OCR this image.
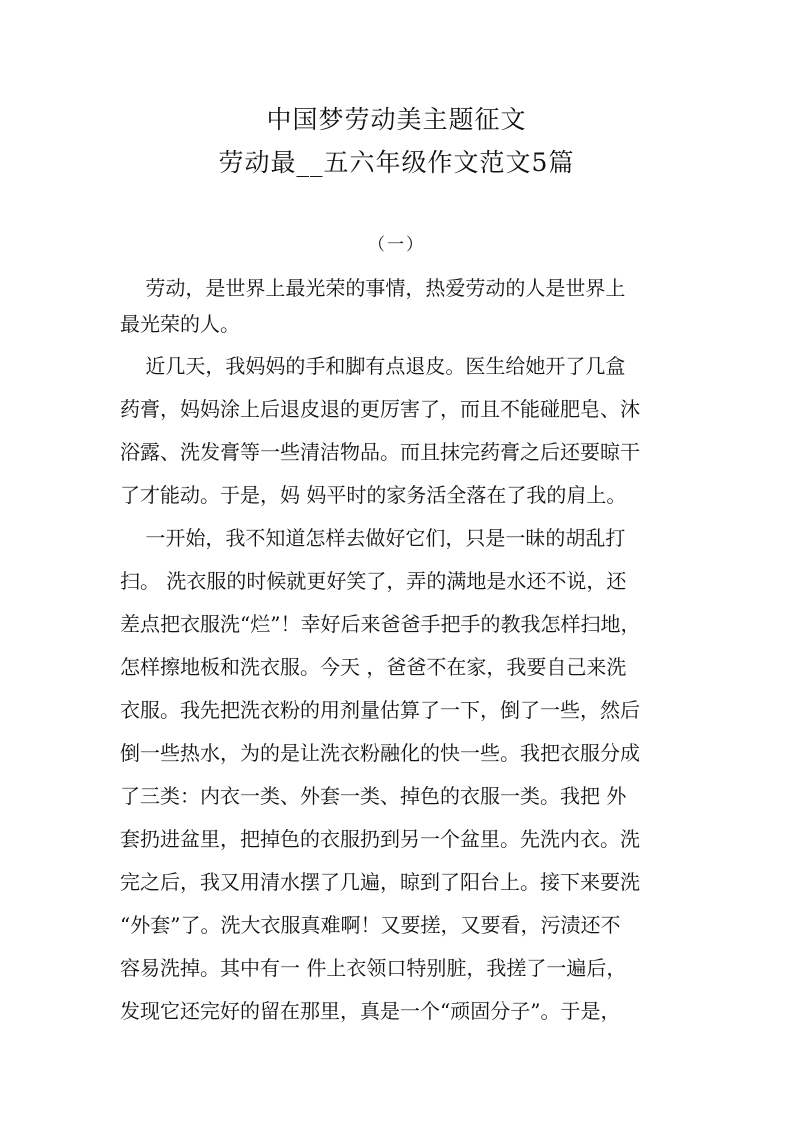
中国梦劳动美主题征文
劳动最__五六年级作文范文5篇
（一）
劳动，是世界上最光荣的事情，热爱劳动的人是世界上
最光荣的人。
近几天，我妈妈的手和脚有点退皮。医生给她开了几盒
药膏，妈妈涂上后退皮退的更厉害了，而且不能碰肥皂、沐
浴露、洗发膏等一些清洁物品。而且抹完药膏之后还要晾干
了才能动。于是，妈 妈平时的家务活全落在了我的肩上。
一开始，我不知道怎样去做好它们，只是一昧的胡乱打
扫。 洗衣服的时候就更好笑了，弄的满地是水还不说，还
差点把衣服洗“烂”！幸好后来爸爸手把手的教我怎样扫地，
怎样擦地板和洗衣服。今天 ，爸爸不在家，我要自己来洗
衣服。我先把洗衣粉的用剂量估算了一下，倒了一些，然后
倒一些热水，为的是让洗衣粉融化的快一些。我把衣服分成
了三类：内衣一类、外套一类、掉色的衣服一类。我把 外
套扔进盆里，把掉色的衣服扔到另一个盆里。先洗内衣。洗
完之后，我又用清水摆了几遍，晾到了阳台上。接下来要洗
“外套”了。洗大衣服真难啊！又要搓，又要看，污渍还不
容易洗掉。其中有一 件上衣领口特别脏，我搓了一遍后，
发现它还完好的留在那里，真是一个“顽固分子”。于是，
